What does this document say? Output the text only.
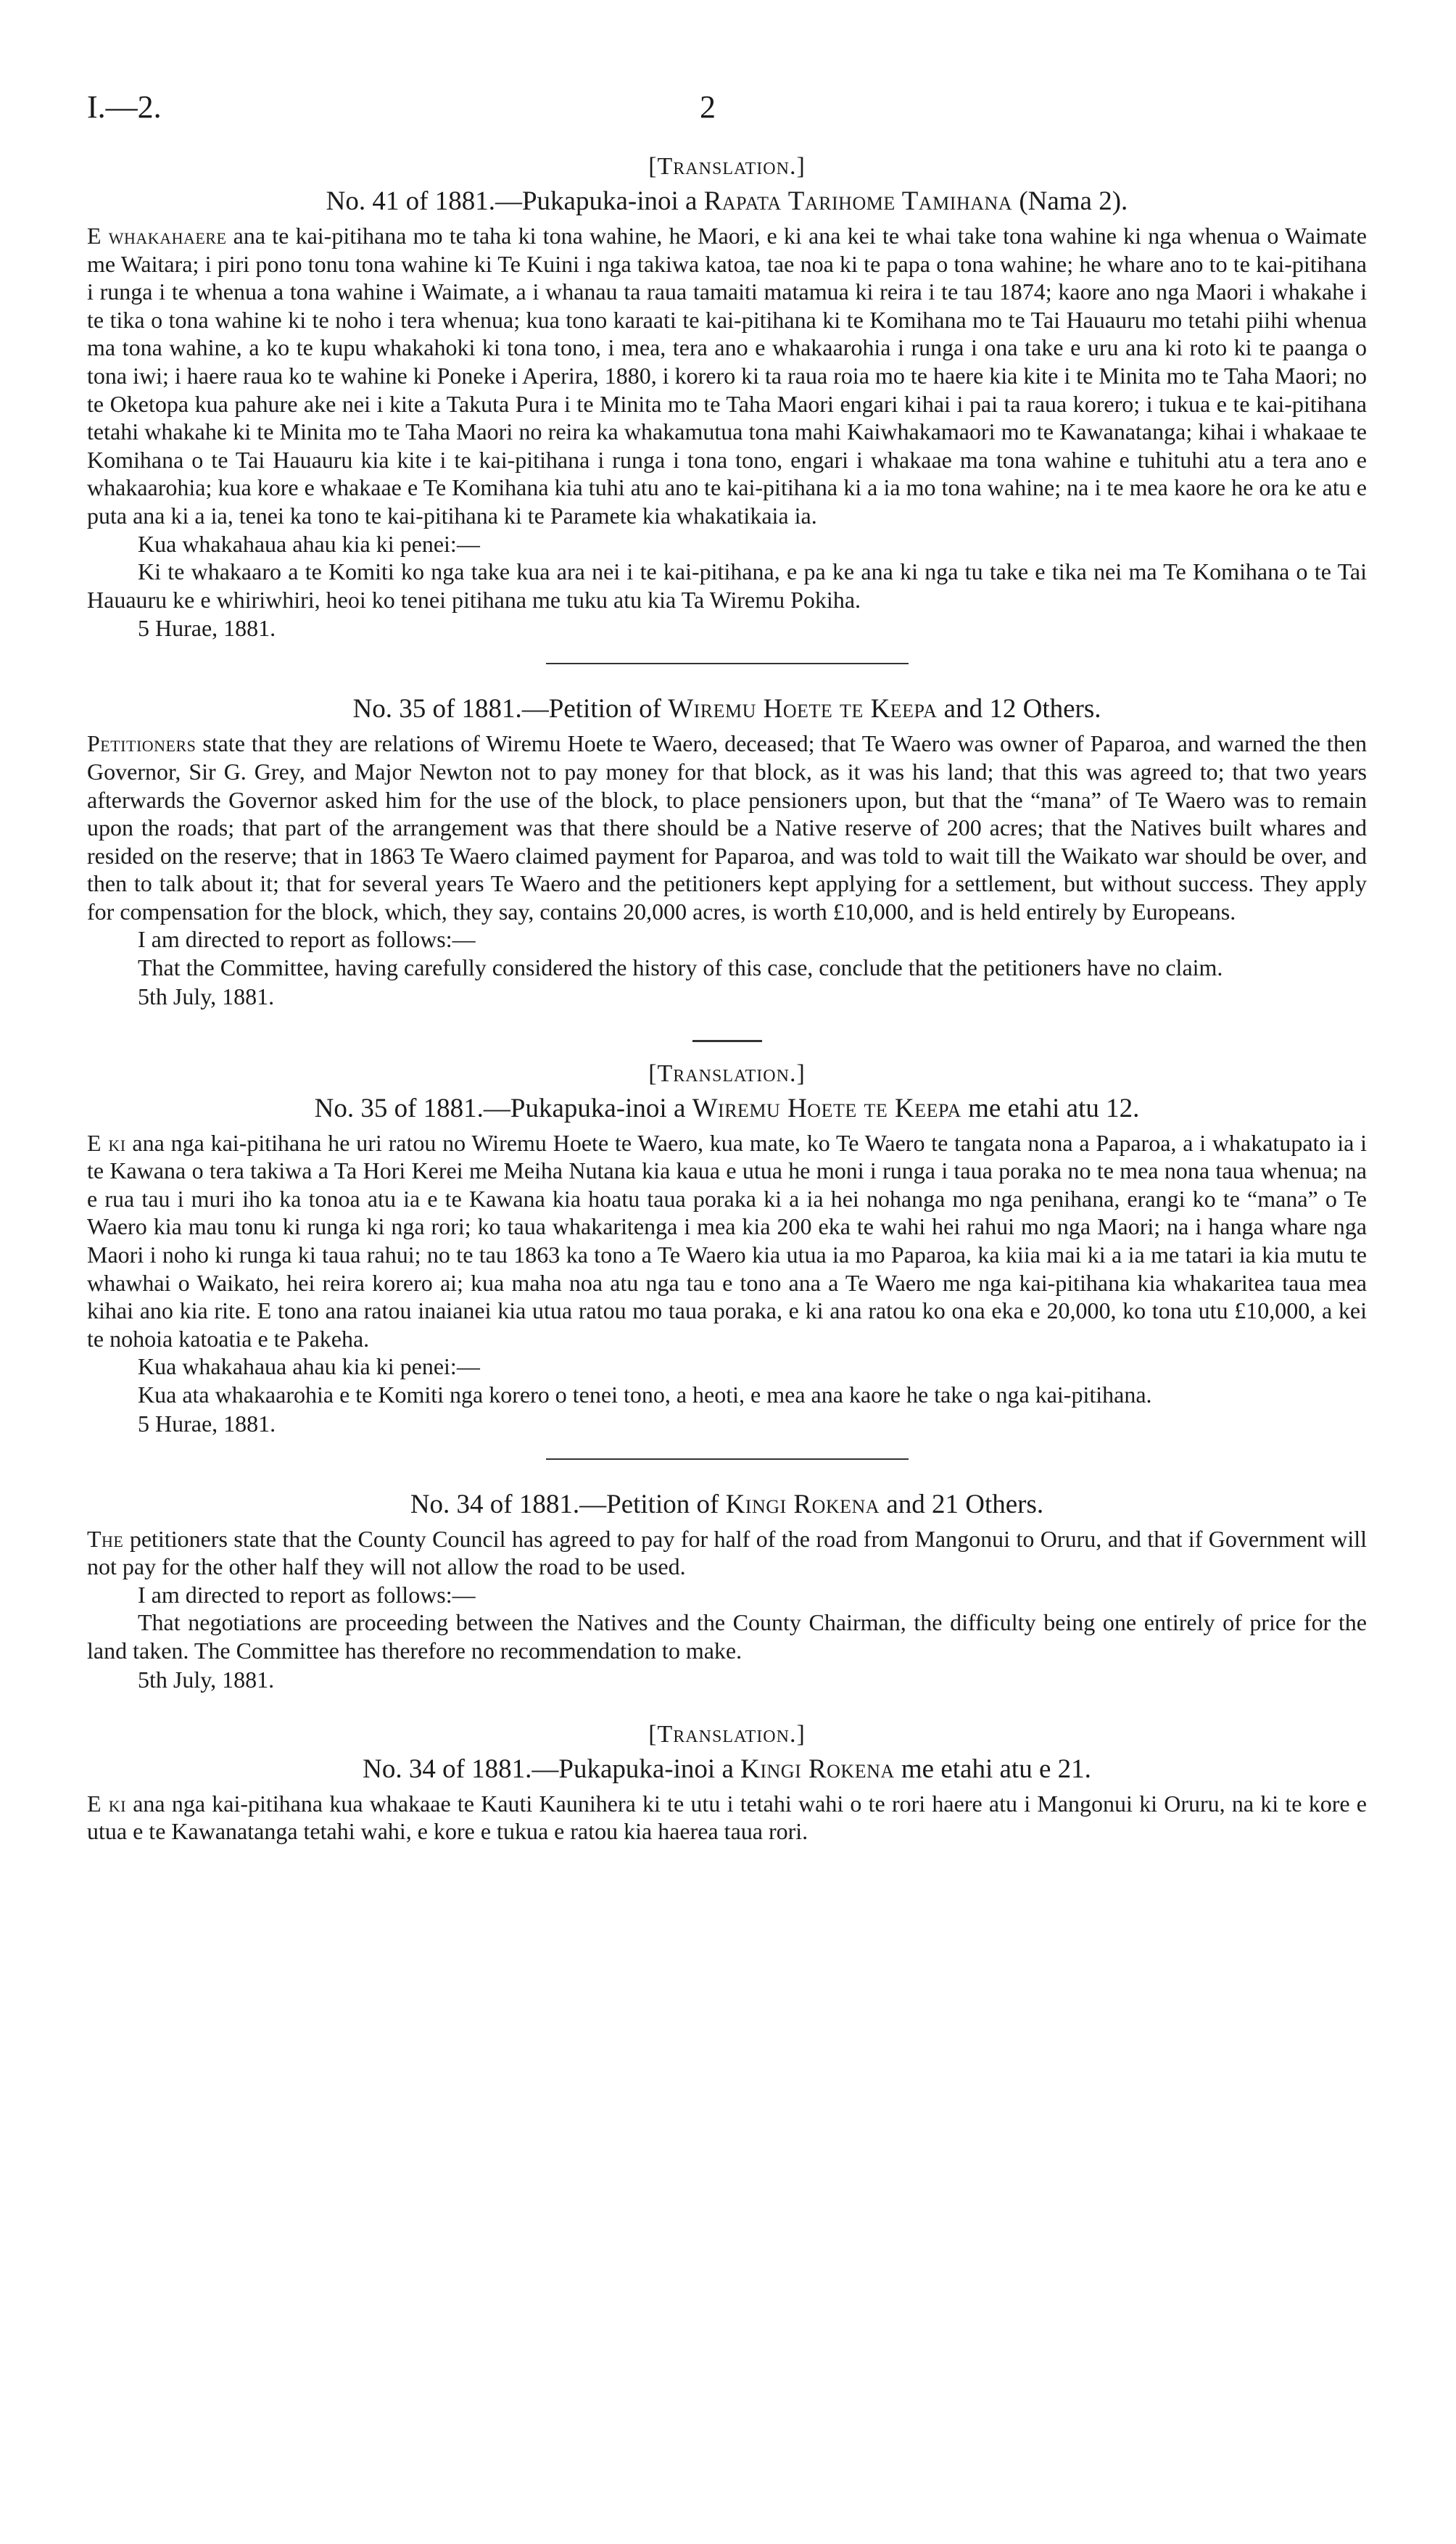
I.—2.	2

[Translation.]

No. 41 of 1881.—Pukapuka-inoi a Rapata Tarihome Tamihana (Nama 2).

E whakahaere ana te kai-pitihana mo te taha ki tona wahine, he Maori, e ki ana kei te whai take tona wahine ki nga whenua o Waimate me Waitara; i piri pono tonu tona wahine ki Te Kuini i nga takiwa katoa, tae noa ki te papa o tona wahine; he whare ano to te kai-pitihana i runga i te whenua a tona wahine i Waimate, a i whanau ta raua tamaiti matamua ki reira i te tau 1874; kaore ano nga Maori i whakahe i te tika o tona wahine ki te noho i tera whenua; kua tono karaati te kai-pitihana ki te Komihana mo te Tai Hauauru mo tetahi piihi whenua ma tona wahine, a ko te kupu whakahoki ki tona tono, i mea, tera ano e whakaarohia i runga i ona take e uru ana ki roto ki te paanga o tona iwi; i haere raua ko te wahine ki Poneke i Aperira, 1880, i korero ki ta raua roia mo te haere kia kite i te Minita mo te Taha Maori; no te Oketopa kua pahure ake nei i kite a Takuta Pura i te Minita mo te Taha Maori engari kihai i pai ta raua korero; i tukua e te kai-pitihana tetahi whakahe ki te Minita mo te Taha Maori no reira ka whakamutua tona mahi Kaiwhakamaori mo te Kawanatanga; kihai i whakaae te Komihana o te Tai Hauauru kia kite i te kai-pitihana i runga i tona tono, engari i whakaae ma tona wahine e tuhituhi atu a tera ano e whakaarohia; kua kore e whakaae e Te Komihana kia tuhi atu ano te kai-pitihana ki a ia mo tona wahine; na i te mea kaore he ora ke atu e puta ana ki a ia, tenei ka tono te kai-pitihana ki te Paramete kia whakatikaia ia.

Kua whakahaua ahau kia ki penei:—

Ki te whakaaro a te Komiti ko nga take kua ara nei i te kai-pitihana, e pa ke ana ki nga tu take e tika nei ma Te Komihana o te Tai Hauauru ke e whiriwhiri, heoi ko tenei pitihana me tuku atu kia Ta Wiremu Pokiha.

5 Hurae, 1881.

No. 35 of 1881.—Petition of Wiremu Hoete te Keepa and 12 Others.

Petitioners state that they are relations of Wiremu Hoete te Waero, deceased; that Te Waero was owner of Paparoa, and warned the then Governor, Sir G. Grey, and Major Newton not to pay money for that block, as it was his land; that this was agreed to; that two years afterwards the Governor asked him for the use of the block, to place pensioners upon, but that the “mana” of Te Waero was to remain upon the roads; that part of the arrangement was that there should be a Native reserve of 200 acres; that the Natives built whares and resided on the reserve; that in 1863 Te Waero claimed payment for Paparoa, and was told to wait till the Waikato war should be over, and then to talk about it; that for several years Te Waero and the petitioners kept applying for a settlement, but without success. They apply for compensation for the block, which, they say, contains 20,000 acres, is worth £10,000, and is held entirely by Europeans.

I am directed to report as follows:—

That the Committee, having carefully considered the history of this case, conclude that the petitioners have no claim.

5th July, 1881.

[Translation.]

No. 35 of 1881.—Pukapuka-inoi a Wiremu Hoete te Keepa me etahi atu 12.

E ki ana nga kai-pitihana he uri ratou no Wiremu Hoete te Waero, kua mate, ko Te Waero te tangata nona a Paparoa, a i whakatupato ia i te Kawana o tera takiwa a Ta Hori Kerei me Meiha Nutana kia kaua e utua he moni i runga i taua poraka no te mea nona taua whenua; na e rua tau i muri iho ka tonoa atu ia e te Kawana kia hoatu taua poraka ki a ia hei nohanga mo nga penihana, erangi ko te “mana” o Te Waero kia mau tonu ki runga ki nga rori; ko taua whakaritenga i mea kia 200 eka te wahi hei rahui mo nga Maori; na i hanga whare nga Maori i noho ki runga ki taua rahui; no te tau 1863 ka tono a Te Waero kia utua ia mo Paparoa, ka kiia mai ki a ia me tatari ia kia mutu te whawhai o Waikato, hei reira korero ai; kua maha noa atu nga tau e tono ana a Te Waero me nga kai-pitihana kia whakaritea taua mea kihai ano kia rite. E tono ana ratou inaianei kia utua ratou mo taua poraka, e ki ana ratou ko ona eka e 20,000, ko tona utu £10,000, a kei te nohoia katoatia e te Pakeha.

Kua whakahaua ahau kia ki penei:—

Kua ata whakaarohia e te Komiti nga korero o tenei tono, a heoti, e mea ana kaore he take o nga kai-pitihana.

5 Hurae, 1881.

No. 34 of 1881.—Petition of Kingi Rokena and 21 Others.

The petitioners state that the County Council has agreed to pay for half of the road from Mangonui to Oruru, and that if Government will not pay for the other half they will not allow the road to be used.

I am directed to report as follows:—

That negotiations are proceeding between the Natives and the County Chairman, the difficulty being one entirely of price for the land taken. The Committee has therefore no recommendation to make.

5th July, 1881.

[Translation.]

No. 34 of 1881.—Pukapuka-inoi a Kingi Rokena me etahi atu e 21.

E ki ana nga kai-pitihana kua whakaae te Kauti Kaunihera ki te utu i tetahi wahi o te rori haere atu i Mangonui ki Oruru, na ki te kore e utua e te Kawanatanga tetahi wahi, e kore e tukua e ratou kia haerea taua rori.
